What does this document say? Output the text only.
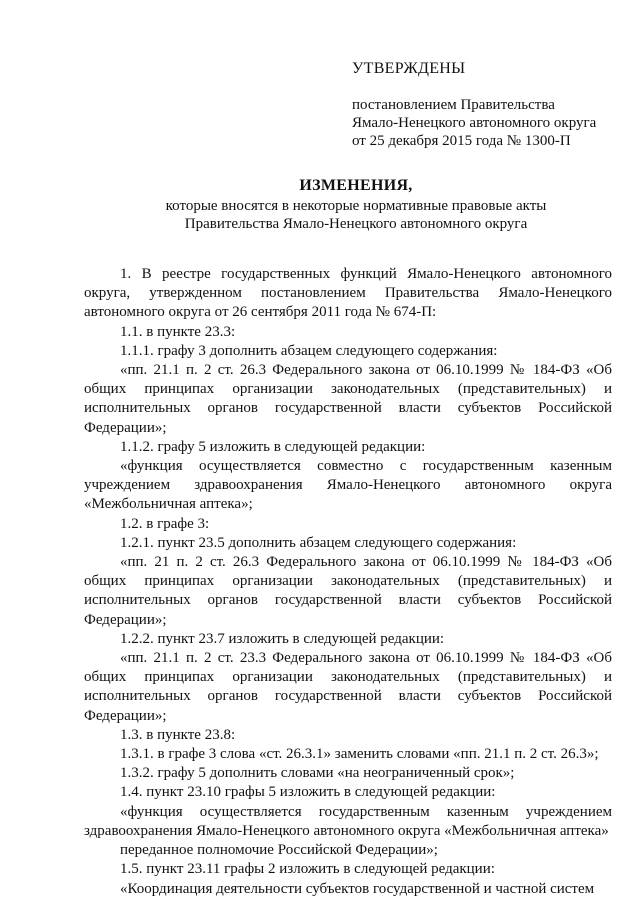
УТВЕРЖДЕНЫ
постановлением Правительства
Ямало-Ненецкого автономного округа
от 25 декабря 2015 года № 1300-П
ИЗМЕНЕНИЯ,
которые вносятся в некоторые нормативные правовые акты
Правительства Ямало-Ненецкого автономного округа

1. В реестре государственных функций Ямало-Ненецкого автономного округа, утвержденном постановлением Правительства Ямало-Ненецкого автономного округа от 26 сентября 2011 года № 674-П:

1.1. в пункте 23.3:

1.1.1. графу 3 дополнить абзацем следующего содержания:

«пп. 21.1 п. 2 ст. 26.3 Федерального закона от 06.10.1999 № 184-ФЗ «Об общих принципах организации законодательных (представительных) и исполнительных органов государственной власти субъектов Российской Федерации»;

1.1.2. графу 5 изложить в следующей редакции:

«функция осуществляется совместно с государственным казенным учреждением здравоохранения Ямало-Ненецкого автономного округа «Межбольничная аптека»;

1.2. в графе 3:

1.2.1. пункт 23.5 дополнить абзацем следующего содержания:

«пп. 21 п. 2 ст. 26.3 Федерального закона от 06.10.1999 № 184-ФЗ «Об общих принципах организации законодательных (представительных) и исполнительных органов государственной власти субъектов Российской Федерации»;

1.2.2. пункт 23.7 изложить в следующей редакции:

«пп. 21.1 п. 2 ст. 23.3 Федерального закона от 06.10.1999 № 184-ФЗ «Об общих принципах организации законодательных (представительных) и исполнительных органов государственной власти субъектов Российской Федерации»;

1.3. в пункте 23.8:

1.3.1. в графе 3 слова «ст. 26.3.1» заменить словами «пп. 21.1 п. 2 ст. 26.3»;

1.3.2. графу 5 дополнить словами «на неограниченный срок»;

1.4. пункт 23.10 графы 5 изложить в следующей редакции:

«функция осуществляется государственным казенным учреждением здравоохранения Ямало-Ненецкого автономного округа «Межбольничная аптека»

переданное полномочие Российской Федерации»;

1.5. пункт 23.11 графы 2 изложить в следующей редакции:

«Координация деятельности субъектов государственной и частной систем
